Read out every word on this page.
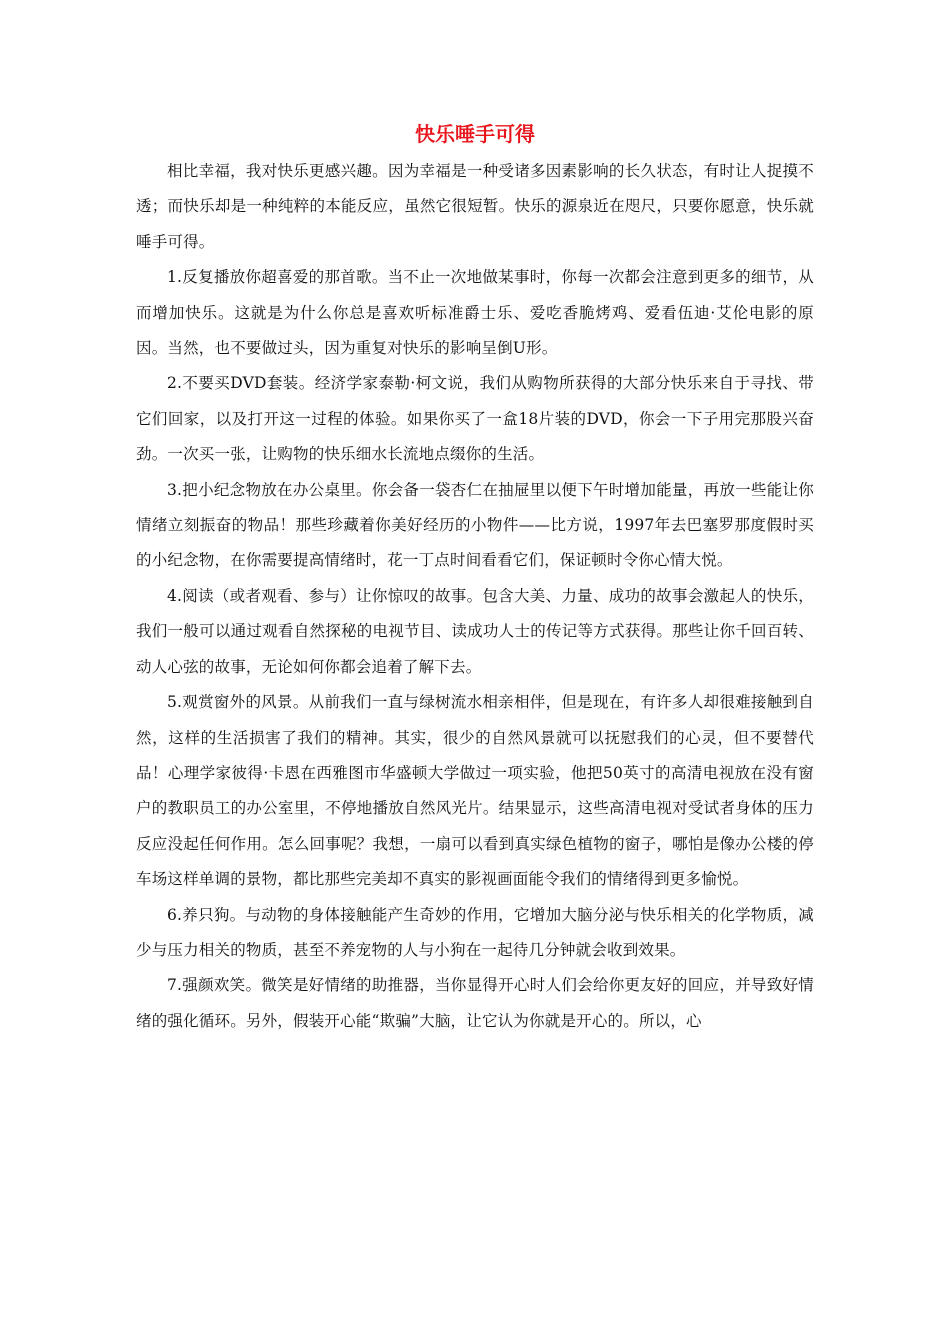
快乐唾手可得

相比幸福，我对快乐更感兴趣。因为幸福是一种受诸多因素影响的长久状态，有时让人捉摸不透；而快乐却是一种纯粹的本能反应，虽然它很短暂。快乐的源泉近在咫尺，只要你愿意，快乐就唾手可得。

1.反复播放你超喜爱的那首歌。当不止一次地做某事时，你每一次都会注意到更多的细节，从而增加快乐。这就是为什么你总是喜欢听标准爵士乐、爱吃香脆烤鸡、爱看伍迪·艾伦电影的原因。当然，也不要做过头，因为重复对快乐的影响呈倒U形。

2.不要买DVD套装。经济学家泰勒·柯文说，我们从购物所获得的大部分快乐来自于寻找、带它们回家，以及打开这一过程的体验。如果你买了一盒18片装的DVD，你会一下子用完那股兴奋劲。一次买一张，让购物的快乐细水长流地点缀你的生活。

3.把小纪念物放在办公桌里。你会备一袋杏仁在抽屉里以便下午时增加能量，再放一些能让你情绪立刻振奋的物品！那些珍藏着你美好经历的小物件——比方说，1997年去巴塞罗那度假时买的小纪念物，在你需要提高情绪时，花一丁点时间看看它们，保证顿时令你心情大悦。

4.阅读（或者观看、参与）让你惊叹的故事。包含大美、力量、成功的故事会激起人的快乐，我们一般可以通过观看自然探秘的电视节目、读成功人士的传记等方式获得。那些让你千回百转、动人心弦的故事，无论如何你都会追着了解下去。

5.观赏窗外的风景。从前我们一直与绿树流水相亲相伴，但是现在，有许多人却很难接触到自然，这样的生活损害了我们的精神。其实，很少的自然风景就可以抚慰我们的心灵，但不要替代品！心理学家彼得·卡恩在西雅图市华盛顿大学做过一项实验，他把50英寸的高清电视放在没有窗户的教职员工的办公室里，不停地播放自然风光片。结果显示，这些高清电视对受试者身体的压力反应没起任何作用。怎么回事呢？我想，一扇可以看到真实绿色植物的窗子，哪怕是像办公楼的停车场这样单调的景物，都比那些完美却不真实的影视画面能令我们的情绪得到更多愉悦。

6.养只狗。与动物的身体接触能产生奇妙的作用，它增加大脑分泌与快乐相关的化学物质，减少与压力相关的物质，甚至不养宠物的人与小狗在一起待几分钟就会收到效果。

7.强颜欢笑。微笑是好情绪的助推器，当你显得开心时人们会给你更友好的回应，并导致好情绪的强化循环。另外，假装开心能“欺骗”大脑，让它认为你就是开心的。所以，心
